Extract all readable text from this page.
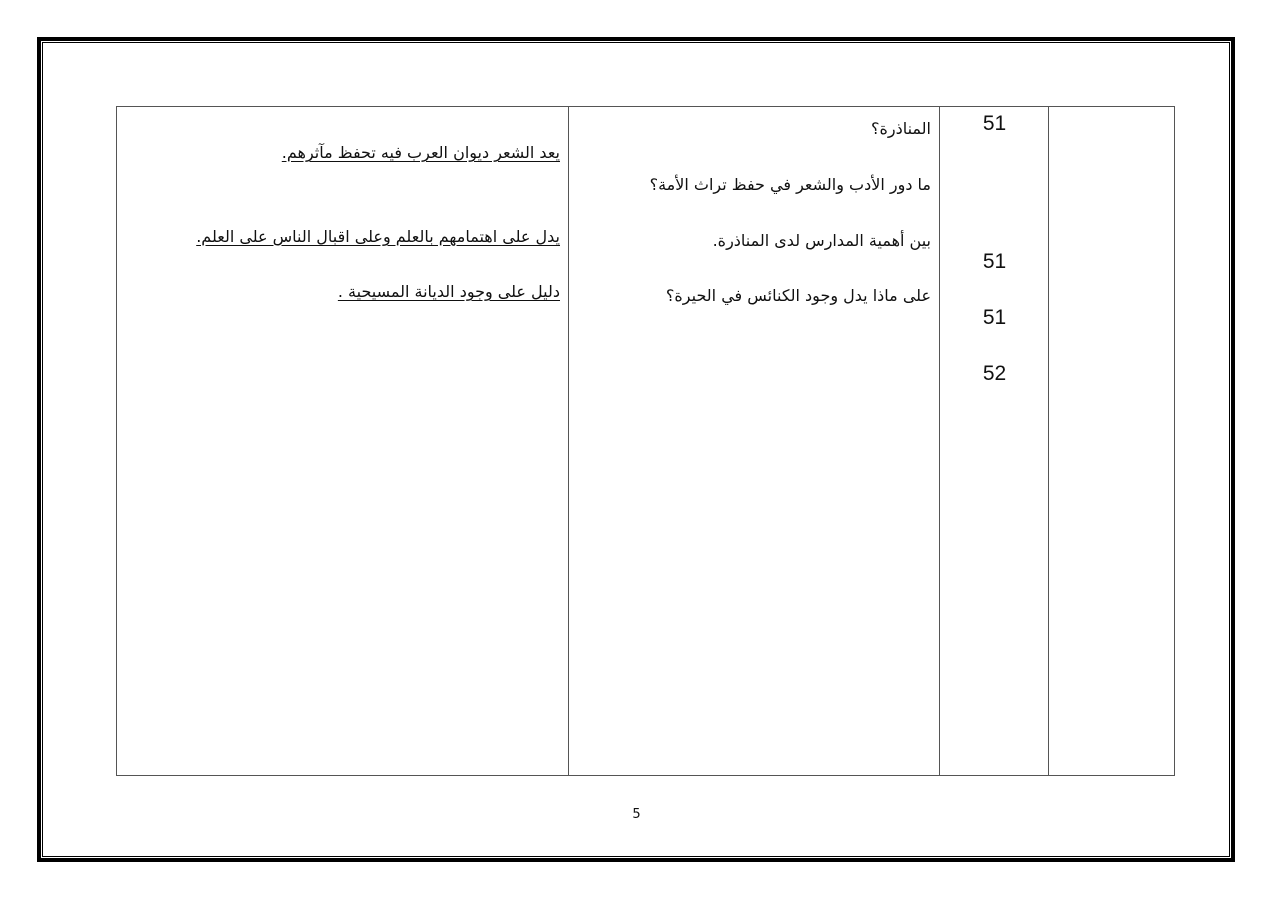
يعد الشعر ديوان العرب فيه تحفظ مآثرهم.
يدل على اهتمامهم بالعلم وعلى اقبال الناس على العلم.
دليل على وجود الديانة المسيحية .
المناذرة؟
ما دور الأدب والشعر في حفظ تراث الأمة؟
بين أهمية المدارس لدى المناذرة.
على ماذا يدل وجود الكنائس في الحيرة؟
51
51
51
52
5
